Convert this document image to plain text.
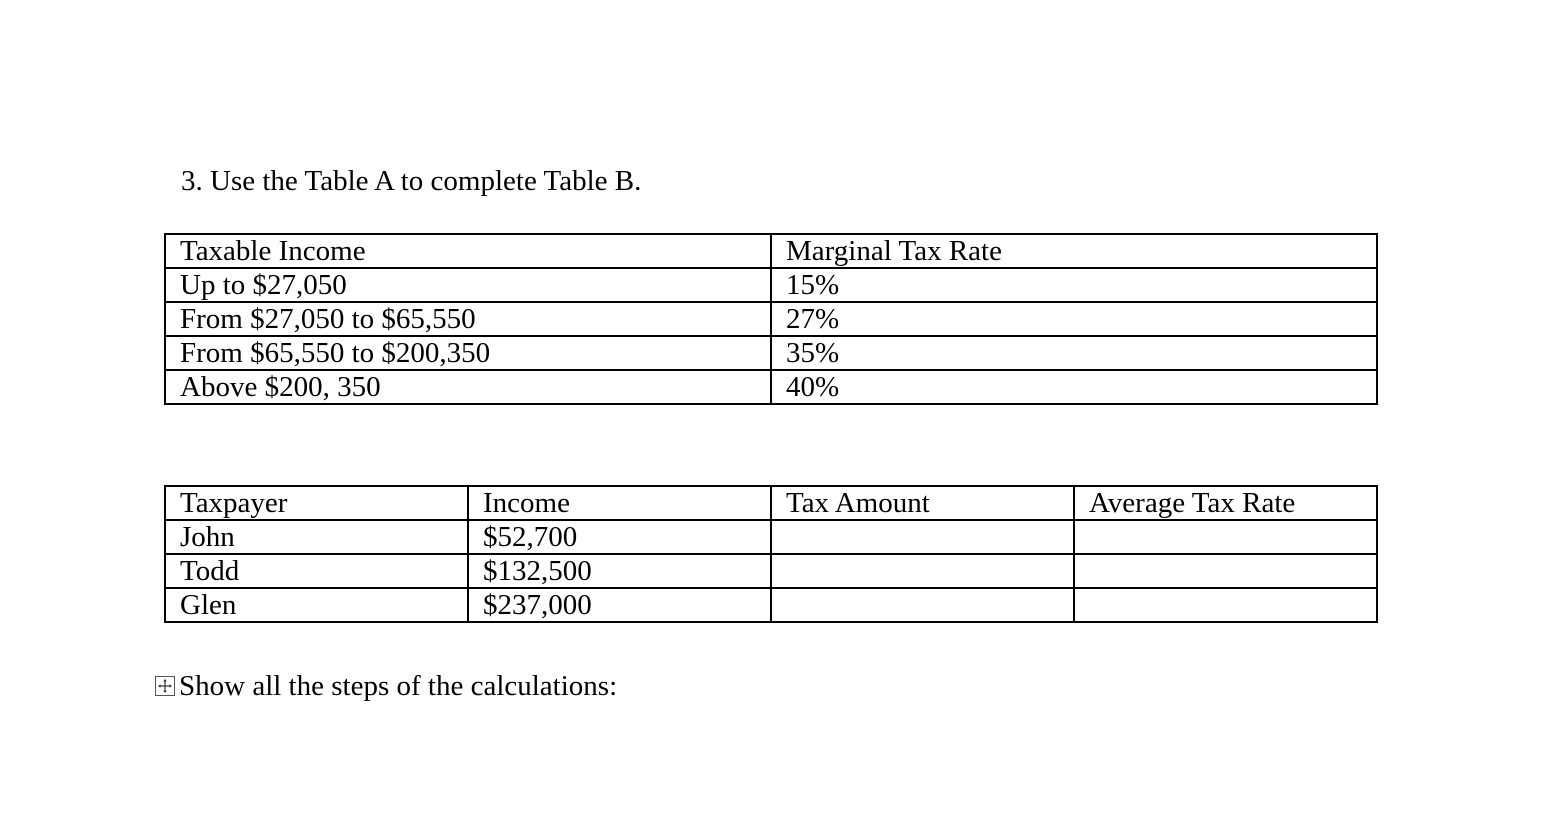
3. Use the Table A to complete Table B.

Taxable Income	Marginal Tax Rate
Up to $27,050	15%
From $27,050 to $65,550	27%
From $65,550 to $200,350	35%
Above $200, 350	40%
Taxpayer	Income	Tax Amount	Average Tax Rate
John	$52,700		
Todd	$132,500		
Glen	$237,000		
Show all the steps of the calculations:
